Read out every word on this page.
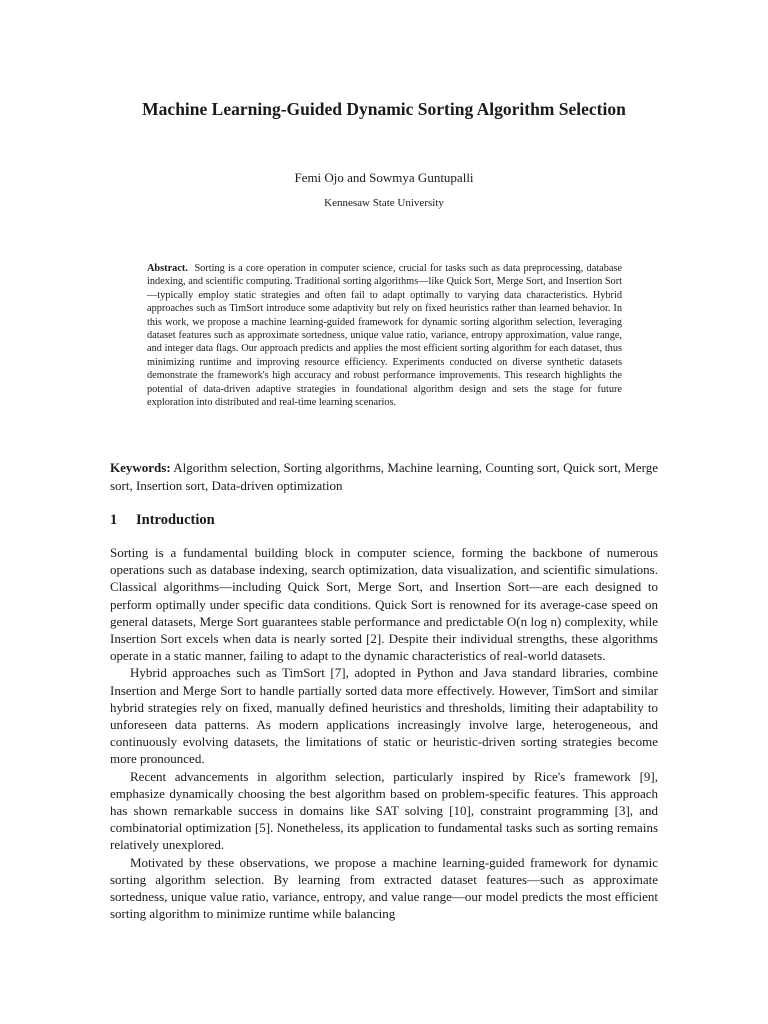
Machine Learning-Guided Dynamic Sorting Algorithm Selection
Femi Ojo and Sowmya Guntupalli
Kennesaw State University
Abstract. Sorting is a core operation in computer science, crucial for tasks such as data preprocessing, database indexing, and scientific computing. Traditional sorting algorithms—like Quick Sort, Merge Sort, and Insertion Sort—typically employ static strategies and often fail to adapt optimally to varying data characteristics. Hybrid approaches such as TimSort introduce some adaptivity but rely on fixed heuristics rather than learned behavior. In this work, we propose a machine learning-guided framework for dynamic sorting algorithm selection, leveraging dataset features such as approximate sortedness, unique value ratio, variance, entropy approximation, value range, and integer data flags. Our approach predicts and applies the most efficient sorting algorithm for each dataset, thus minimizing runtime and improving resource efficiency. Experiments conducted on diverse synthetic datasets demonstrate the framework's high accuracy and robust performance improvements. This research highlights the potential of data-driven adaptive strategies in foundational algorithm design and sets the stage for future exploration into distributed and real-time learning scenarios.
Keywords: Algorithm selection, Sorting algorithms, Machine learning, Counting sort, Quick sort, Merge sort, Insertion sort, Data-driven optimization
1 Introduction

Sorting is a fundamental building block in computer science, forming the backbone of numerous operations such as database indexing, search optimization, data visualization, and scientific simulations. Classical algorithms—including Quick Sort, Merge Sort, and Insertion Sort—are each designed to perform optimally under specific data conditions. Quick Sort is renowned for its average-case speed on general datasets, Merge Sort guarantees stable performance and predictable O(n log n) complexity, while Insertion Sort excels when data is nearly sorted [2]. Despite their individual strengths, these algorithms operate in a static manner, failing to adapt to the dynamic characteristics of real-world datasets.

Hybrid approaches such as TimSort [7], adopted in Python and Java standard libraries, combine Insertion and Merge Sort to handle partially sorted data more effectively. However, TimSort and similar hybrid strategies rely on fixed, manually defined heuristics and thresholds, limiting their adaptability to unforeseen data patterns. As modern applications increasingly involve large, heterogeneous, and continuously evolving datasets, the limitations of static or heuristic-driven sorting strategies become more pronounced.

Recent advancements in algorithm selection, particularly inspired by Rice's framework [9], emphasize dynamically choosing the best algorithm based on problem-specific features. This approach has shown remarkable success in domains like SAT solving [10], constraint programming [3], and combinatorial optimization [5]. Nonetheless, its application to fundamental tasks such as sorting remains relatively unexplored.

Motivated by these observations, we propose a machine learning-guided framework for dynamic sorting algorithm selection. By learning from extracted dataset features—such as approximate sortedness, unique value ratio, variance, entropy, and value range—our model predicts the most efficient sorting algorithm to minimize runtime while balancing
